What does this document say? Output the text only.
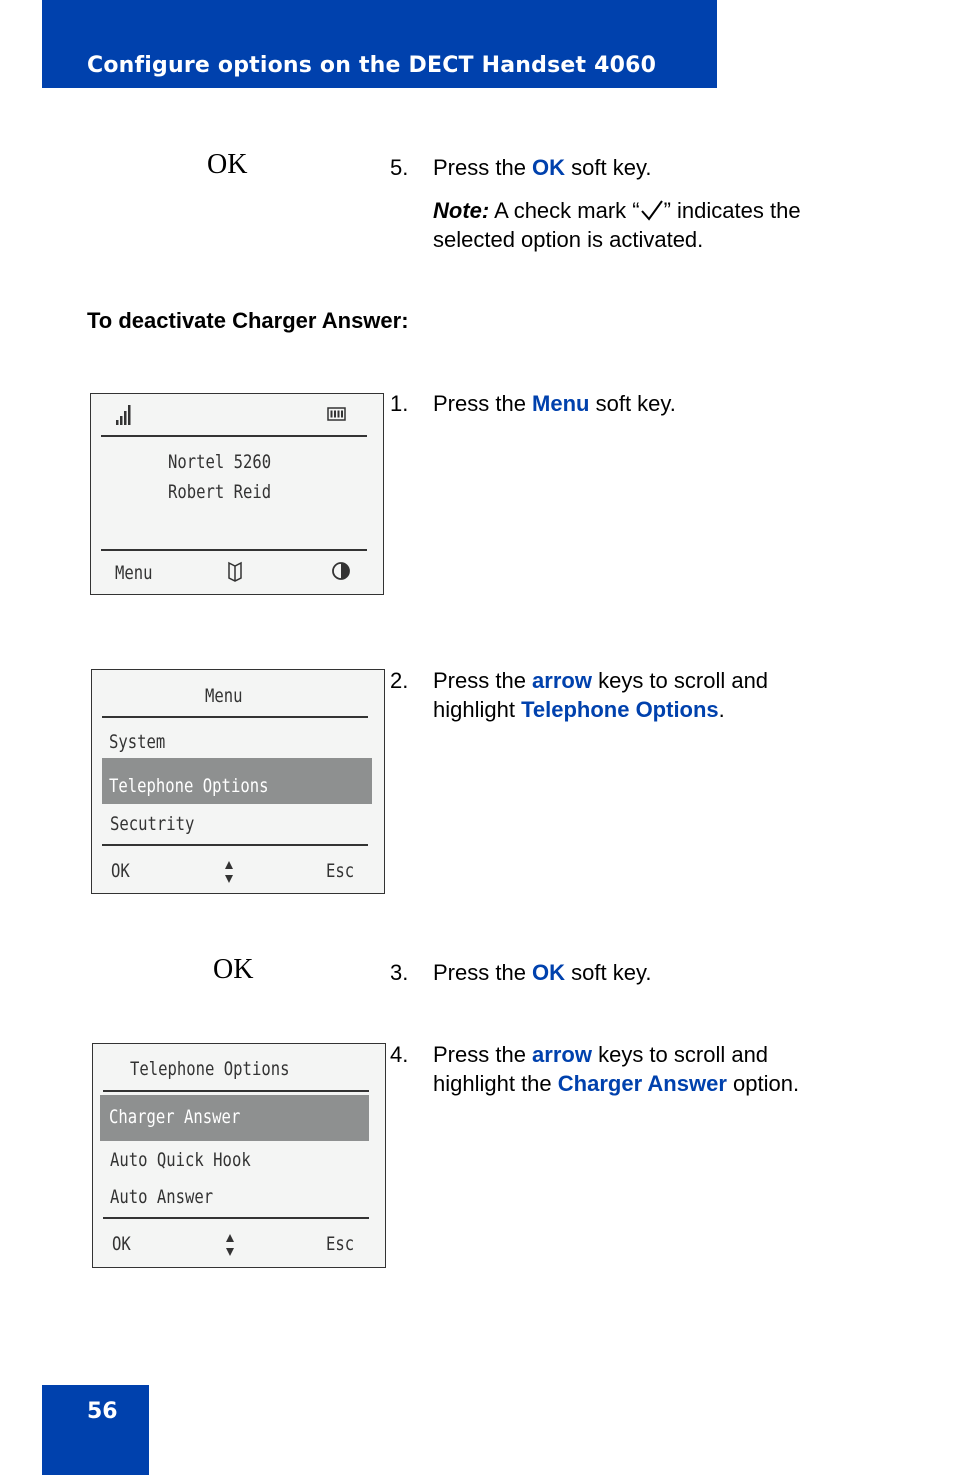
Configure options on the DECT Handset 4060
OK	5. Press the OK soft key.
Note: A check mark “ ” indicates the selected option is activated.
To deactivate Charger Answer:
Nortel 5260
Robert Reid
Menu
1. Press the Menu soft key.
Menu
System
Telephone Options
Secutrity
OK	Esc
2. Press the arrow keys to scroll and highlight Telephone Options.
OK	3. Press the OK soft key.
Telephone Options
Charger Answer
Auto Quick Hook
Auto Answer
OK	Esc
4. Press the arrow keys to scroll and highlight the Charger Answer option.
56
